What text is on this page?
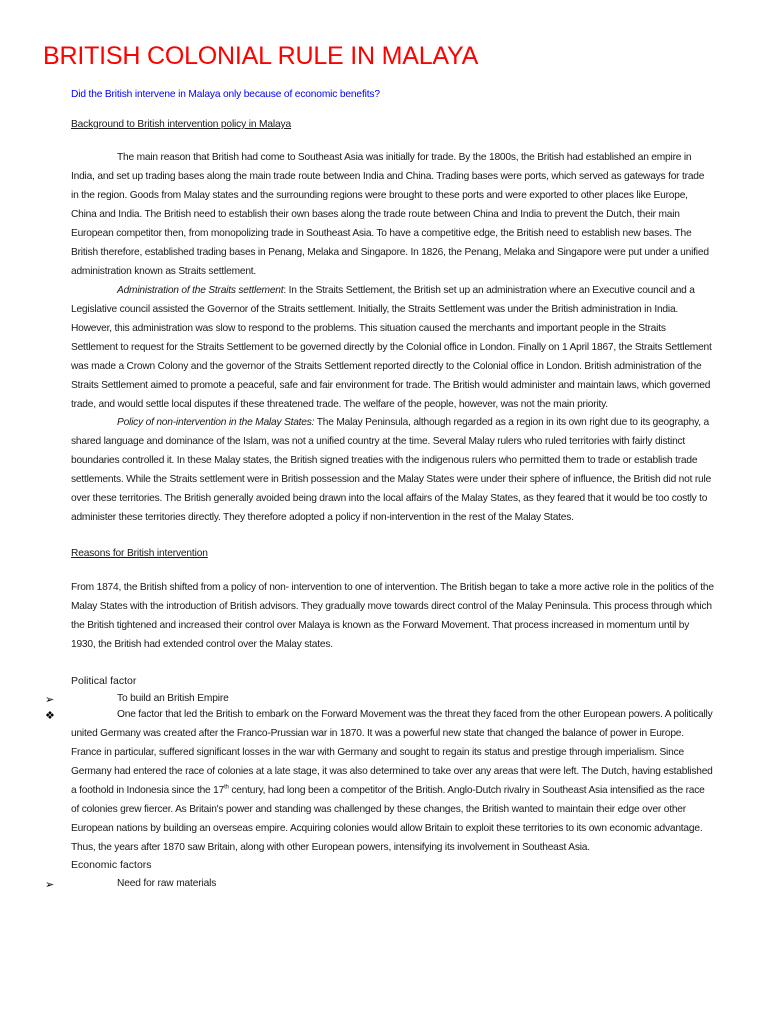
BRITISH COLONIAL RULE IN MALAYA

Did the British intervene in Malaya only because of economic benefits?

Background to British intervention policy in Malaya

The main reason that British had come to Southeast Asia was initially for trade. By the 1800s, the British had established an empire in India, and set up trading bases along the main trade route between India and China. Trading bases were ports, which served as gateways for trade in the region. Goods from Malay states and the surrounding regions were brought to these ports and were exported to other places like Europe, China and India. The British need to establish their own bases along the trade route between China and India to prevent the Dutch, their main European competitor then, from monopolizing trade in Southeast Asia. To have a competitive edge, the British need to establish new bases. The British therefore, established trading bases in Penang, Melaka and Singapore. In 1826, the Penang, Melaka and Singapore were put under a unified administration known as Straits settlement.

Administration of the Straits settlement: In the Straits Settlement, the British set up an administration where an Executive council and a Legislative council assisted the Governor of the Straits settlement. Initially, the Straits Settlement was under the British administration in India. However, this administration was slow to respond to the problems. This situation caused the merchants and important people in the Straits Settlement to request for the Straits Settlement to be governed directly by the Colonial office in London. Finally on 1 April 1867, the Straits Settlement was made a Crown Colony and the governor of the Straits Settlement reported directly to the Colonial office in London. British administration of the Straits Settlement aimed to promote a peaceful, safe and fair environment for trade. The British would administer and maintain laws, which governed trade, and would settle local disputes if these threatened trade. The welfare of the people, however, was not the main priority.

Policy of non-intervention in the Malay States: The Malay Peninsula, although regarded as a region in its own right due to its geography, a shared language and dominance of the Islam, was not a unified country at the time. Several Malay rulers who ruled territories with fairly distinct boundaries controlled it. In these Malay states, the British signed treaties with the indigenous rulers who permitted them to trade or establish trade settlements. While the Straits settlement were in British possession and the Malay States were under their sphere of influence, the British did not rule over these territories. The British generally avoided being drawn into the local affairs of the Malay States, as they feared that it would be too costly to administer these territories directly. They therefore adopted a policy if non-intervention in the rest of the Malay States.

Reasons for British intervention

From 1874, the British shifted from a policy of non- intervention to one of intervention. The British began to take a more active role in the politics of the Malay States with the introduction of British advisors. They gradually move towards direct control of the Malay Peninsula. This process through which the British tightened and increased their control over Malaya is known as the Forward Movement. That process increased in momentum until by 1930, the British had extended control over the Malay states.

Political factor

➢	To build an British Empire
❖	One factor that led the British to embark on the Forward Movement was the threat they faced from the other European powers. A politically united Germany was created after the Franco-Prussian war in 1870. It was a powerful new state that changed the balance of power in Europe. France in particular, suffered significant losses in the war with Germany and sought to regain its status and prestige through imperialism. Since Germany had entered the race of colonies at a late stage, it was also determined to take over any areas that were left. The Dutch, having established a foothold in Indonesia since the 17th century, had long been a competitor of the British. Anglo-Dutch rivalry in Southeast Asia intensified as the race of colonies grew fiercer. As Britain's power and standing was challenged by these changes, the British wanted to maintain their edge over other European nations by building an overseas empire. Acquiring colonies would allow Britain to exploit these territories to its own economic advantage. Thus, the years after 1870 saw Britain, along with other European powers, intensifying its involvement in Southeast Asia.

Economic factors

➢	Need for raw materials
